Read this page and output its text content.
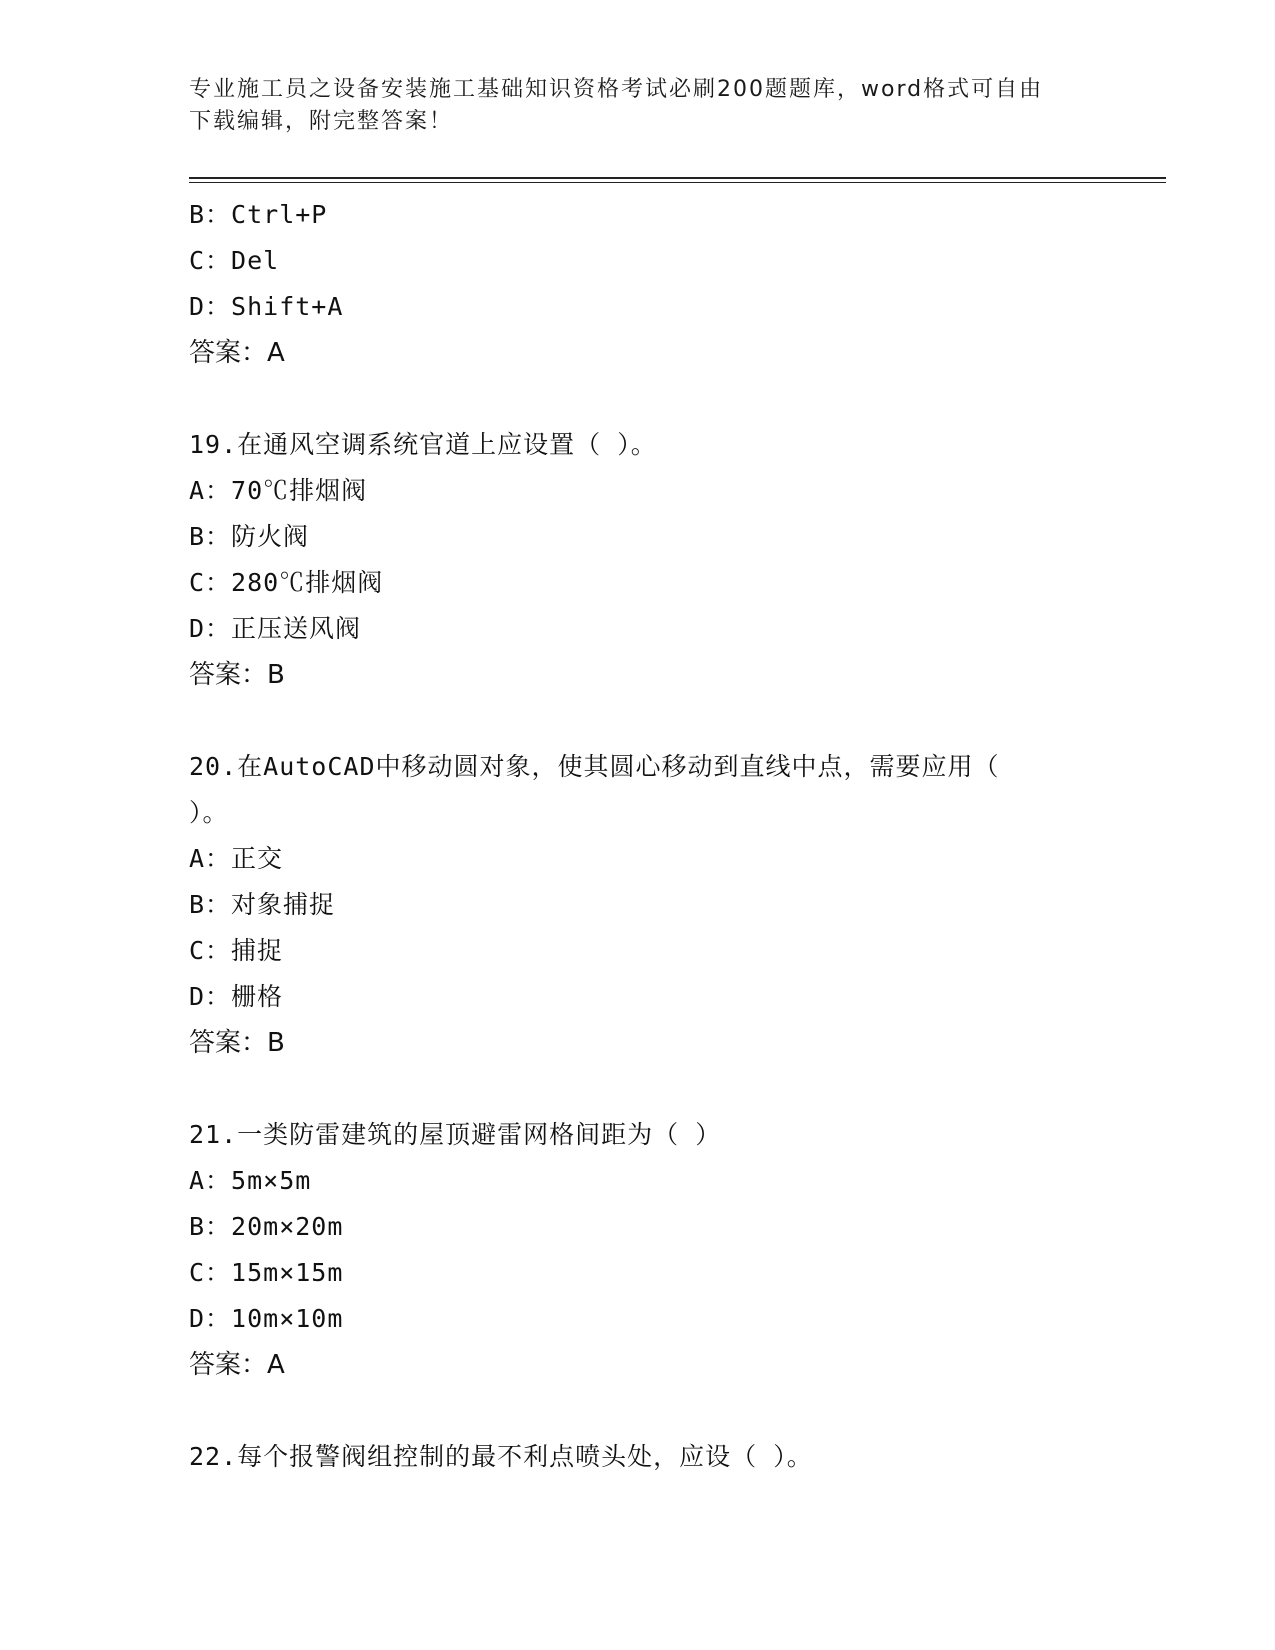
专业施工员之设备安装施工基础知识资格考试必刷200题题库，word格式可自由
下载编辑，附完整答案！
B：Ctrl+P
C：Del
D：Shift+A
答案：A
19.在通风空调系统官道上应设置（ ）。
A：70℃排烟阀
B：防火阀
C：280℃排烟阀
D：正压送风阀
答案：B
20.在AutoCAD中移动圆对象，使其圆心移动到直线中点，需要应用（
）。
A：正交
B：对象捕捉
C：捕捉
D：栅格
答案：B
21.一类防雷建筑的屋顶避雷网格间距为（ ）
A：5m×5m
B：20m×20m
C：15m×15m
D：10m×10m
答案：A
22.每个报警阀组控制的最不利点喷头处，应设（ ）。
